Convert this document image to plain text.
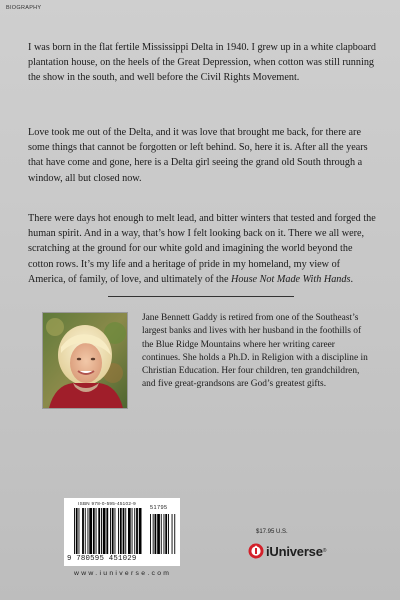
BIOGRAPHY

I was born in the flat fertile Mississippi Delta in 1940. I grew up in a white clapboard plantation house, on the heels of the Great Depression, when cotton was still running the show in the south, and well before the Civil Rights Movement.

Love took me out of the Delta, and it was love that brought me back, for there are some things that cannot be forgotten or left behind. So, here it is. After all the years that have come and gone, here is a Delta girl seeing the grand old South through a window, all but closed now.

There were days hot enough to melt lead, and bitter winters that tested and forged the human spirit. And in a way, that’s how I felt looking back on it. There we all were, scratching at the ground for our white gold and imagining the world beyond the cotton rows. It’s my life and a heritage of pride in my homeland, my view of America, of family, of love, and ultimately of the House Not Made With Hands.

Jane Bennett Gaddy is retired from one of the Southeast’s largest banks and lives with her husband in the foothills of the Blue Ridge Mountains where her writing career continues. She holds a Ph.D. in Religion with a discipline in Christian Education. Her four children, ten grandchildren, and five great-grandsons are God’s greatest gifts.

ISBN 978-0-595-45102-9
51795
9 780595 451029
$17.95 U.S.
iUniverse ®
www.iuniverse.com
